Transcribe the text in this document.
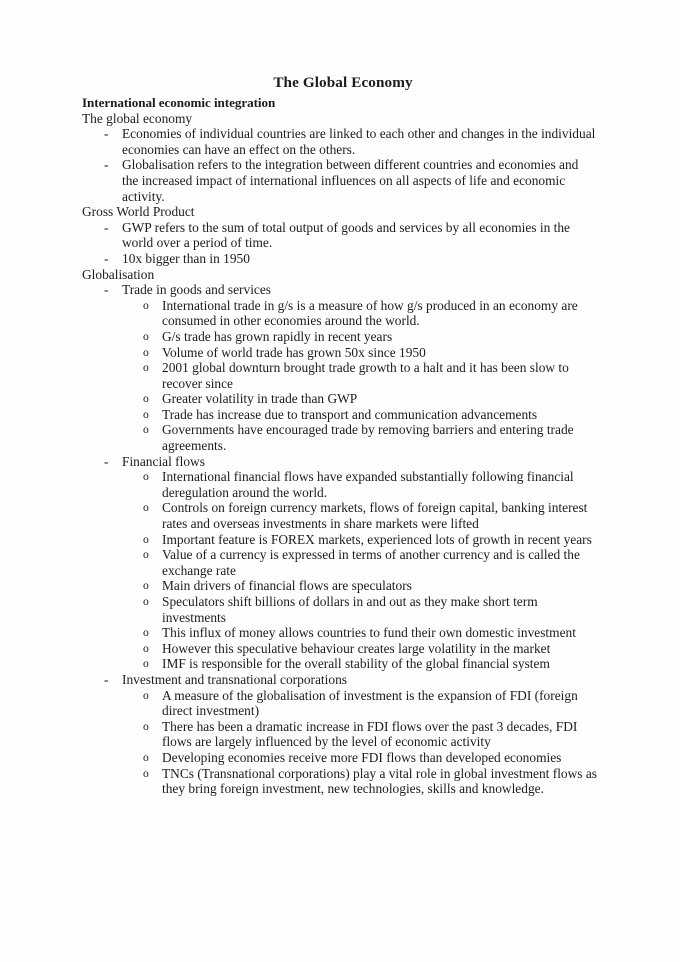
The Global Economy
International economic integration
The global economy
- Economies of individual countries are linked to each other and changes in the individual economies can have an effect on the others.
- Globalisation refers to the integration between different countries and economies and the increased impact of international influences on all aspects of life and economic activity.
Gross World Product
- GWP refers to the sum of total output of goods and services by all economies in the world over a period of time.
- 10x bigger than in 1950
Globalisation
- Trade in goods and services
o International trade in g/s is a measure of how g/s produced in an economy are consumed in other economies around the world.
o G/s trade has grown rapidly in recent years
o Volume of world trade has grown 50x since 1950
o 2001 global downturn brought trade growth to a halt and it has been slow to recover since
o Greater volatility in trade than GWP
o Trade has increase due to transport and communication advancements
o Governments have encouraged trade by removing barriers and entering trade agreements.
- Financial flows
o International financial flows have expanded substantially following financial deregulation around the world.
o Controls on foreign currency markets, flows of foreign capital, banking interest rates and overseas investments in share markets were lifted
o Important feature is FOREX markets, experienced lots of growth in recent years
o Value of a currency is expressed in terms of another currency and is called the exchange rate
o Main drivers of financial flows are speculators
o Speculators shift billions of dollars in and out as they make short term investments
o This influx of money allows countries to fund their own domestic investment
o However this speculative behaviour creates large volatility in the market
o IMF is responsible for the overall stability of the global financial system
- Investment and transnational corporations
o A measure of the globalisation of investment is the expansion of FDI (foreign direct investment)
o There has been a dramatic increase in FDI flows over the past 3 decades, FDI flows are largely influenced by the level of economic activity
o Developing economies receive more FDI flows than developed economies
o TNCs (Transnational corporations) play a vital role in global investment flows as they bring foreign investment, new technologies, skills and knowledge.
